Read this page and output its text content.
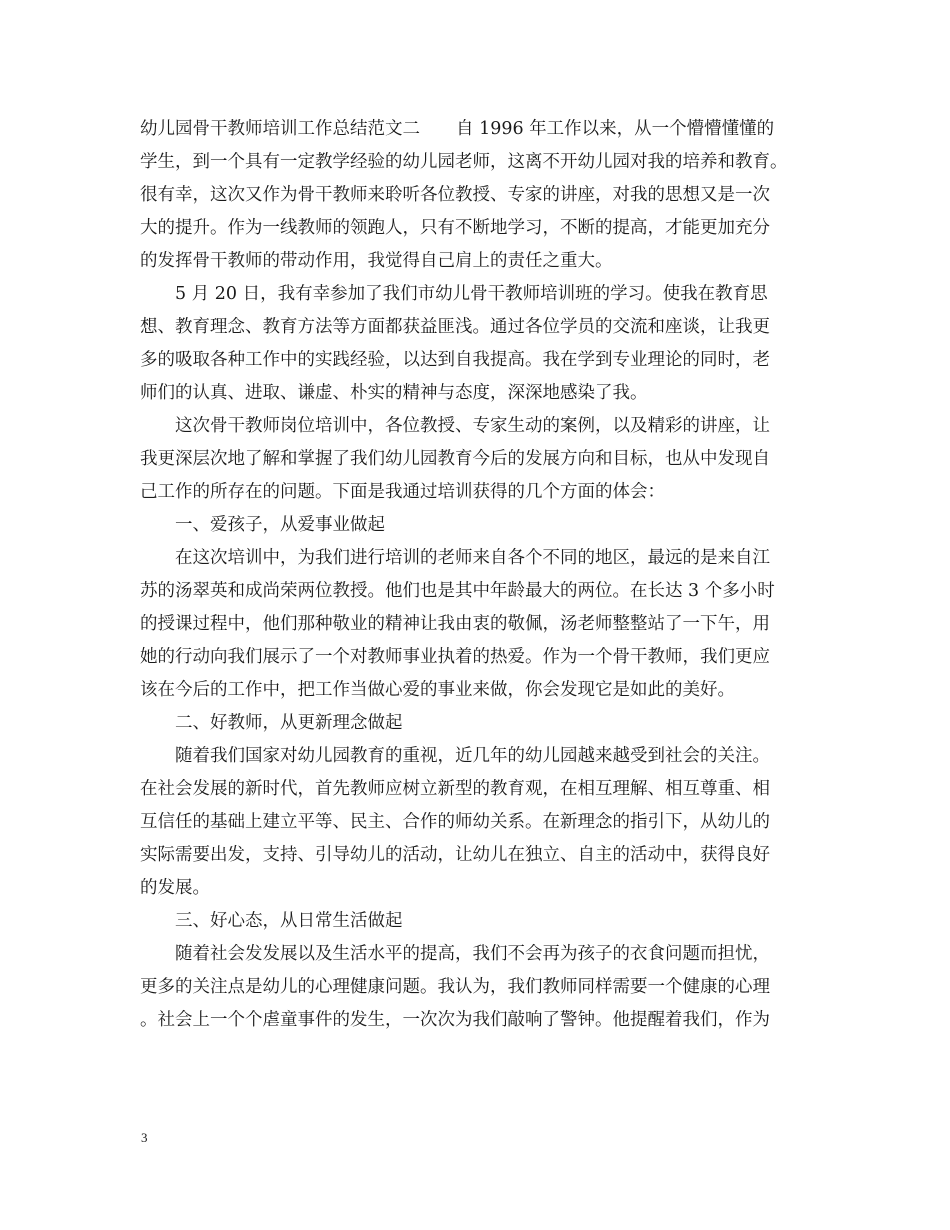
幼儿园骨干教师培训工作总结范文二 自 1996 年工作以来，从一个懵懵懂懂的
学生，到一个具有一定教学经验的幼儿园老师，这离不开幼儿园对我的培养和教育。
很有幸，这次又作为骨干教师来聆听各位教授、专家的讲座，对我的思想又是一次
大的提升。作为一线教师的领跑人，只有不断地学习，不断的提高，才能更加充分
的发挥骨干教师的带动作用，我觉得自己肩上的责任之重大。
5 月 20 日，我有幸参加了我们市幼儿骨干教师培训班的学习。使我在教育思
想、教育理念、教育方法等方面都获益匪浅。通过各位学员的交流和座谈，让我更
多的吸取各种工作中的实践经验，以达到自我提高。我在学到专业理论的同时，老
师们的认真、进取、谦虚、朴实的精神与态度，深深地感染了我。
这次骨干教师岗位培训中，各位教授、专家生动的案例，以及精彩的讲座，让
我更深层次地了解和掌握了我们幼儿园教育今后的发展方向和目标，也从中发现自
己工作的所存在的问题。下面是我通过培训获得的几个方面的体会：
一、爱孩子，从爱事业做起
在这次培训中，为我们进行培训的老师来自各个不同的地区，最远的是来自江
苏的汤翠英和成尚荣两位教授。他们也是其中年龄最大的两位。在长达 3 个多小时
的授课过程中，他们那种敬业的精神让我由衷的敬佩，汤老师整整站了一下午，用
她的行动向我们展示了一个对教师事业执着的热爱。作为一个骨干教师，我们更应
该在今后的工作中，把工作当做心爱的事业来做，你会发现它是如此的美好。
二、好教师，从更新理念做起
随着我们国家对幼儿园教育的重视，近几年的幼儿园越来越受到社会的关注。
在社会发展的新时代，首先教师应树立新型的教育观，在相互理解、相互尊重、相
互信任的基础上建立平等、民主、合作的师幼关系。在新理念的指引下，从幼儿的
实际需要出发，支持、引导幼儿的活动，让幼儿在独立、自主的活动中，获得良好
的发展。
三、好心态，从日常生活做起
随着社会发发展以及生活水平的提高，我们不会再为孩子的衣食问题而担忧，
更多的关注点是幼儿的心理健康问题。我认为，我们教师同样需要一个健康的心理
。社会上一个个虐童事件的发生，一次次为我们敲响了警钟。他提醒着我们，作为
3
